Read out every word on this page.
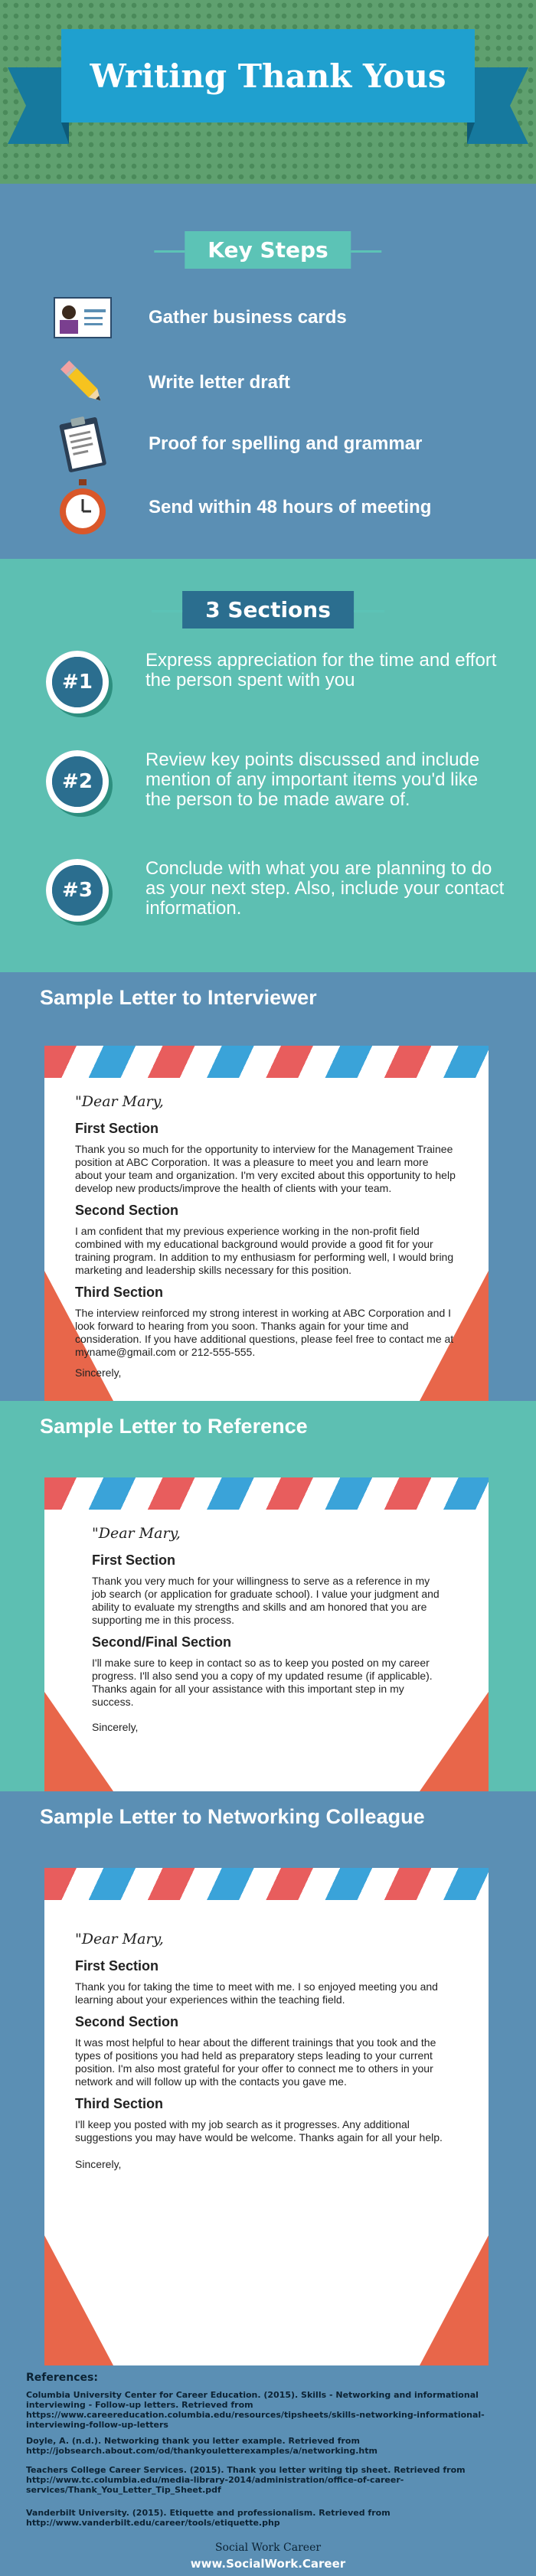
Writing Thank Yous
Key Steps
Gather business cards
Write letter draft
Proof for spelling and grammar
Send within 48 hours of meeting
3 Sections
#1
Express appreciation for the time and effort the person spent with you
#2
Review key points discussed and include mention of any important items you'd like the person to be made aware of.
#3
Conclude with what you are planning to do as your next step. Also, include your contact information.
Sample Letter to Interviewer
"Dear Mary,
First Section

Thank you so much for the opportunity to interview for the Management Trainee position at ABC Corporation. It was a pleasure to meet you and learn more about your team and organization. I'm very excited about this opportunity to help develop new products/improve the health of clients with your team.

Second Section

I am confident that my previous experience working in the non-profit field combined with my educational background would provide a good fit for your training program. In addition to my enthusiasm for performing well, I would bring marketing and leadership skills necessary for this position.

Third Section

The interview reinforced my strong interest in working at ABC Corporation and I look forward to hearing from you soon. Thanks again for your time and consideration. If you have additional questions, please feel free to contact me at myname@gmail.com or 212-555-555.

Sincerely,
Sample Letter to Reference
"Dear Mary,
First Section

Thank you very much for your willingness to serve as a reference in my job search (or application for graduate school). I value your judgment and ability to evaluate my strengths and skills and am honored that you are supporting me in this process.

Second/Final Section

I'll make sure to keep in contact so as to keep you posted on my career progress. I'll also send you a copy of my updated resume (if applicable). Thanks again for all your assistance with this important step in my success.

Sincerely,
Sample Letter to Networking Colleague
"Dear Mary,
First Section

Thank you for taking the time to meet with me. I so enjoyed meeting you and learning about your experiences within the teaching field.

Second Section

It was most helpful to hear about the different trainings that you took and the types of positions you had held as preparatory steps leading to your current position. I'm also most grateful for your offer to connect me to others in your network and will follow up with the contacts you gave me.

Third Section

I'll keep you posted with my job search as it progresses. Any additional suggestions you may have would be welcome. Thanks again for all your help.

Sincerely,
References:
Columbia University Center for Career Education. (2015). Skills - Networking and informational interviewing - Follow-up letters. Retrieved from https://www.careereducation.columbia.edu/resources/tipsheets/skills-networking-informational-interviewing-follow-up-letters
Doyle, A. (n.d.). Networking thank you letter example. Retrieved from http://jobsearch.about.com/od/thankyouletterexamples/a/networking.htm
Teachers College Career Services. (2015). Thank you letter writing tip sheet. Retrieved from http://www.tc.columbia.edu/media-library-2014/administration/office-of-career-services/Thank_You_Letter_Tip_Sheet.pdf
Vanderbilt University. (2015). Etiquette and professionalism. Retrieved from http://www.vanderbilt.edu/career/tools/etiquette.php
Social Work Career
www.SocialWork.Career
